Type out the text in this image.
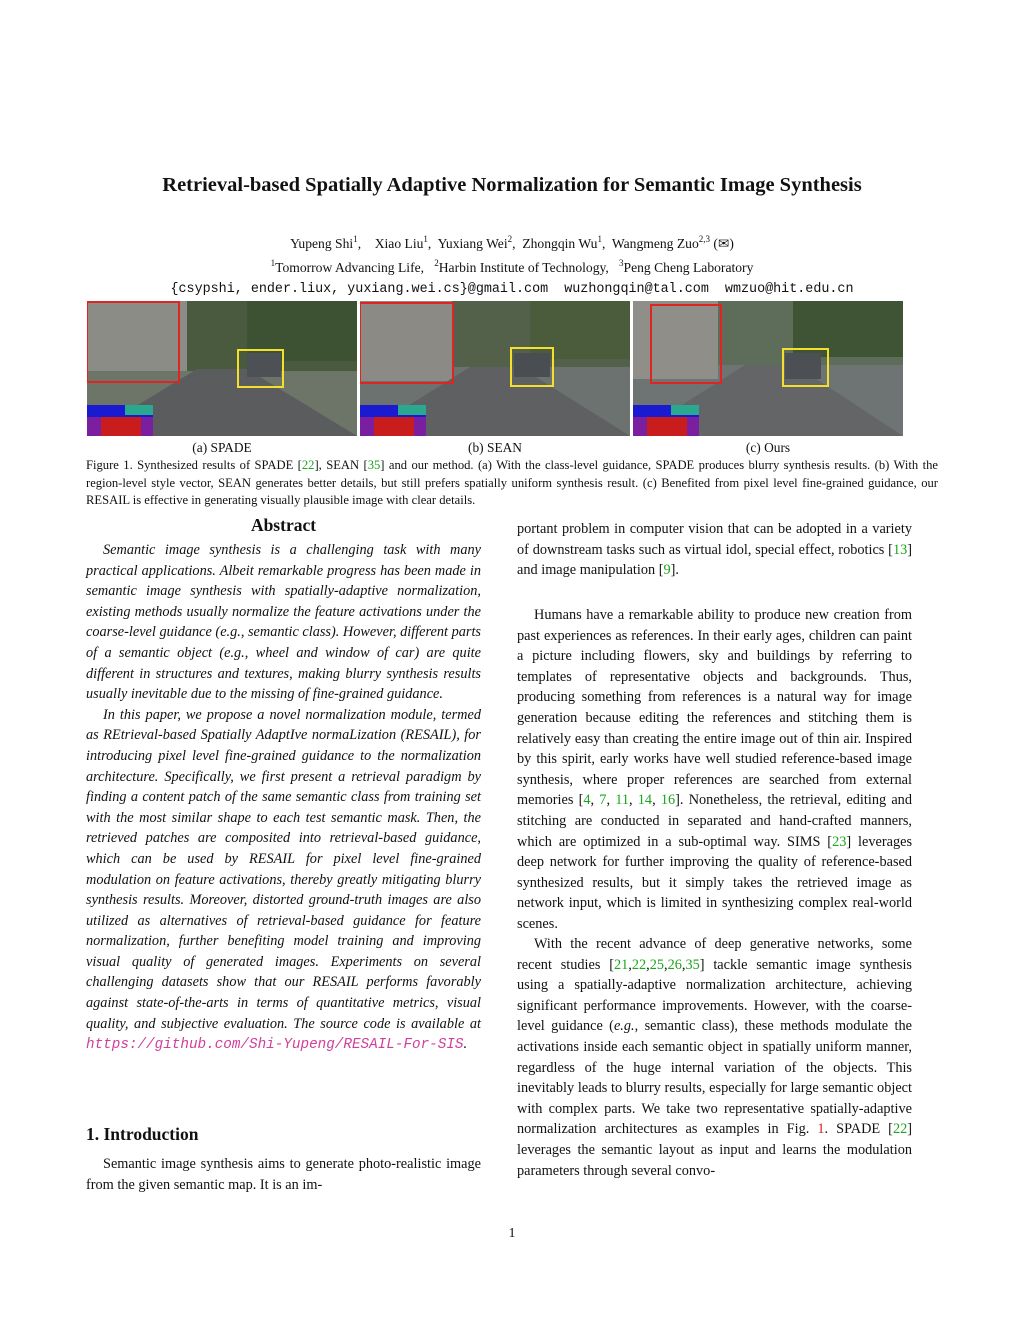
Retrieval-based Spatially Adaptive Normalization for Semantic Image Synthesis
Yupeng Shi$^1$,    Xiao Liu$^1$,  Yuxiang Wei$^2$,  Zhongqin Wu$^1$,  Wangmeng Zuo$^{2,3}$ (✉)
$^1$Tomorrow Advancing Life,   $^2$Harbin Institute of Technology,   $^3$Peng Cheng Laboratory
{csypshi, ender.liux, yuxiang.wei.cs}@gmail.com  wuzhongqin@tal.com  wmzuo@hit.edu.cn
(a) SPADE	(b) SEAN	(c) Ours
Figure 1. Synthesized results of SPADE [22], SEAN [35] and our method. (a) With the class-level guidance, SPADE produces blurry synthesis results. (b) With the region-level style vector, SEAN generates better details, but still prefers spatially uniform synthesis result. (c) Benefited from pixel level fine-grained guidance, our RESAIL is effective in generating visually plausible image with clear details.
Abstract

Semantic image synthesis is a challenging task with many practical applications. Albeit remarkable progress has been made in semantic image synthesis with spatially-adaptive normalization, existing methods usually normalize the feature activations under the coarse-level guidance (e.g., semantic class). However, different parts of a semantic object (e.g., wheel and window of car) are quite different in structures and textures, making blurry synthesis results usually inevitable due to the missing of fine-grained guidance.

In this paper, we propose a novel normalization module, termed as REtrieval-based Spatially AdaptIve normaLization (RESAIL), for introducing pixel level fine-grained guidance to the normalization architecture. Specifically, we first present a retrieval paradigm by finding a content patch of the same semantic class from training set with the most similar shape to each test semantic mask. Then, the retrieved patches are composited into retrieval-based guidance, which can be used by RESAIL for pixel level fine-grained modulation on feature activations, thereby greatly mitigating blurry synthesis results. Moreover, distorted ground-truth images are also utilized as alternatives of retrieval-based guidance for feature normalization, further benefiting model training and improving visual quality of generated images. Experiments on several challenging datasets show that our RESAIL performs favorably against state-of-the-arts in terms of quantitative metrics, visual quality, and subjective evaluation. The source code is available at https://github.com/Shi-Yupeng/RESAIL-For-SIS.

1. Introduction

Semantic image synthesis aims to generate photo-realistic image from the given semantic map. It is an im-

portant problem in computer vision that can be adopted in a variety of downstream tasks such as virtual idol, special effect, robotics [13] and image manipulation [9].
Humans have a remarkable ability to produce new creation from past experiences as references. In their early ages, children can paint a picture including flowers, sky and buildings by referring to templates of representative objects and backgrounds. Thus, producing something from references is a natural way for image generation because editing the references and stitching them is relatively easy than creating the entire image out of thin air. Inspired by this spirit, early works have well studied reference-based image synthesis, where proper references are searched from external memories [4, 7, 11, 14, 16]. Nonetheless, the retrieval, editing and stitching are conducted in separated and hand-crafted manners, which are optimized in a sub-optimal way. SIMS [23] leverages deep network for further improving the quality of reference-based synthesized results, but it simply takes the retrieved image as network input, which is limited in synthesizing complex real-world scenes.
With the recent advance of deep generative networks, some recent studies [21,22,25,26,35] tackle semantic image synthesis using a spatially-adaptive normalization architecture, achieving significant performance improvements. However, with the coarse-level guidance (e.g., semantic class), these methods modulate the activations inside each semantic object in spatially uniform manner, regardless of the huge internal variation of the objects. This inevitably leads to blurry results, especially for large semantic object with complex parts. We take two representative spatially-adaptive normalization architectures as examples in Fig. 1. SPADE [22] leverages the semantic layout as input and learns the modulation parameters through several convo-
1
